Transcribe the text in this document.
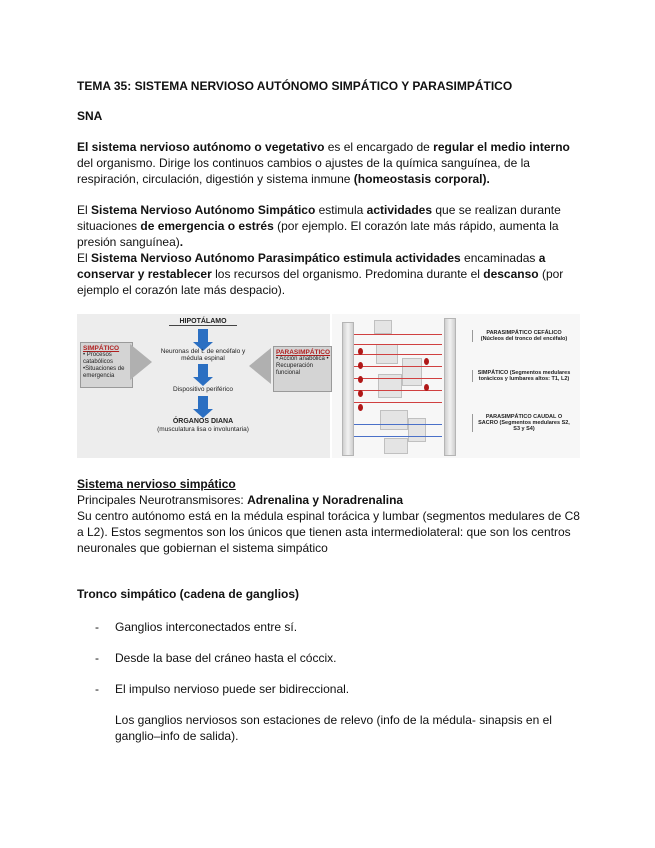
TEMA 35: SISTEMA NERVIOSO AUTÓNOMO SIMPÁTICO Y PARASIMPÁTICO
SNA
El sistema nervioso autónomo o vegetativo es el encargado de regular el medio interno
del organismo. Dirige los continuos cambios o ajustes de la química sanguínea, de la
respiración, circulación, digestión y sistema inmune (homeostasis corporal).
El Sistema Nervioso Autónomo Simpático estimula actividades que se realizan durante
situaciones de emergencia o estrés (por ejemplo. El corazón late más rápido, aumenta la
presión sanguínea).
El Sistema Nervioso Autónomo Parasimpático estimula actividades encaminadas a
conservar y restablecer los recursos del organismo. Predomina durante el descanso (por
ejemplo el corazón late más despacio).
HIPOTÁLAMO
Neuronas del t. de encéfalo y médula espinal
Dispositivo periférico
ÓRGANOS DIANA
(musculatura lisa o involuntaria)
SIMPÁTICO
• Procesos catabólicos •Situaciones de emergencia
PARASIMPÁTICO
• Acción anabólica • Recuperación funcional
PARASIMPÁTICO CEFÁLICO (Núcleos del tronco del encéfalo)
SIMPÁTICO (Segmentos medulares torácicos y lumbares altos: T1, L2)
PARASIMPÁTICO CAUDAL O SACRO (Segmentos medulares S2, S3 y S4)
Sistema nervioso simpático
Principales Neurotransmisores: Adrenalina y Noradrenalina
Su centro autónomo está en la médula espinal torácica y lumbar (segmentos medulares de C8
a L2). Estos segmentos son los únicos que tienen asta intermediolateral: que son los centros
neuronales que gobiernan el sistema simpático
Tronco simpático (cadena de ganglios)
- Ganglios interconectados entre sí.
- Desde la base del cráneo hasta el cóccix.
- El impulso nervioso puede ser bidireccional.
Los ganglios nerviosos son estaciones de relevo (info de la médula- sinapsis en el
ganglio–info de salida).
